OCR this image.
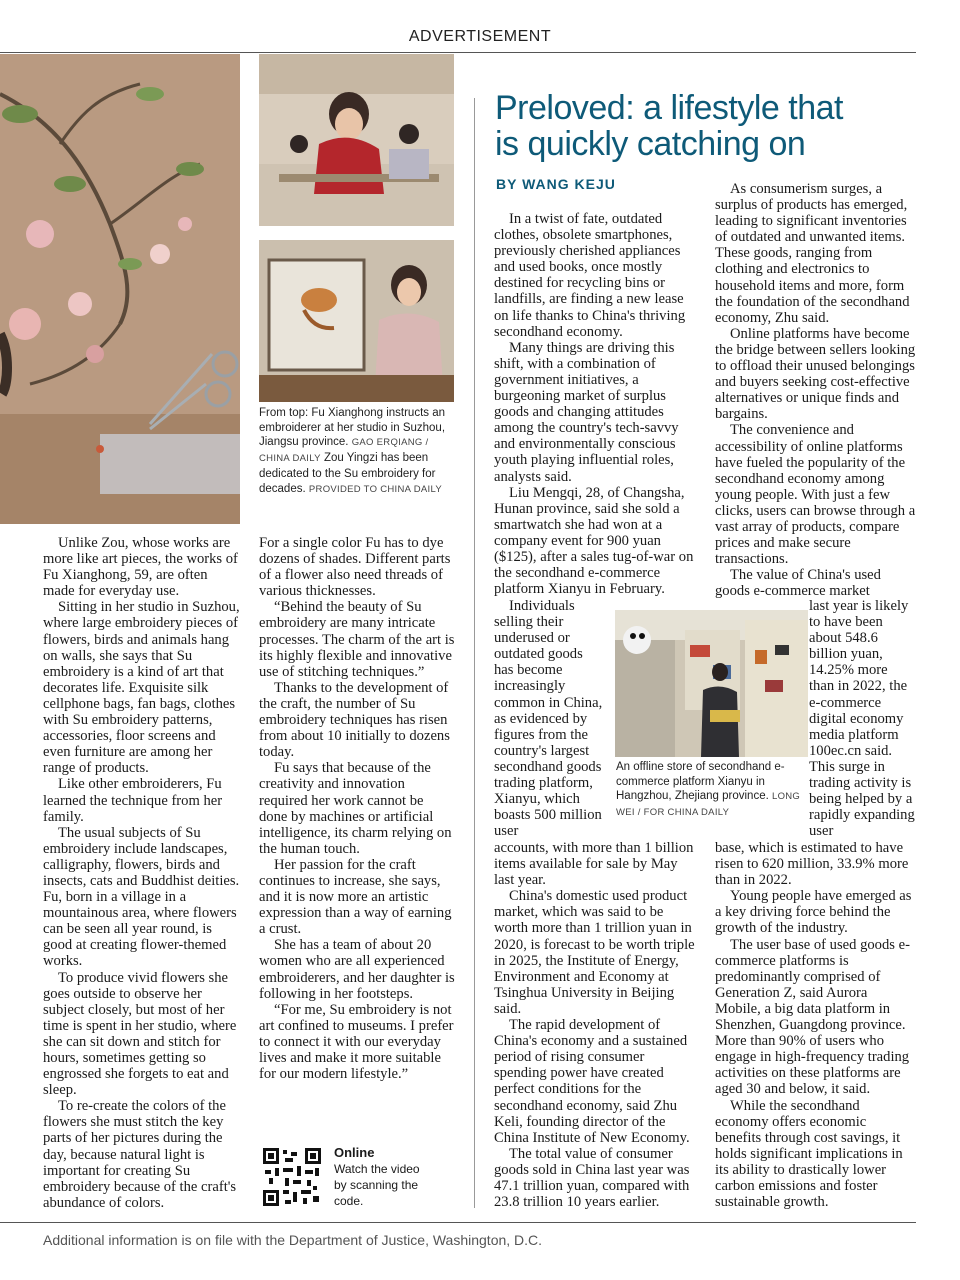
ADVERTISEMENT
From top: Fu Xianghong instructs an embroiderer at her studio in Suzhou, Jiangsu province. GAO ERQIANG / CHINA DAILY Zou Yingzi has been dedicated to the Su embroidery for decades. PROVIDED TO CHINA DAILY

Unlike Zou, whose works are more like art pieces, the works of Fu Xianghong, 59, are often made for everyday use.

Sitting in her studio in Suzhou, where large embroidery pieces of flowers, birds and animals hang on walls, she says that Su embroidery is a kind of art that decorates life. Exquisite silk cellphone bags, fan bags, clothes with Su embroidery patterns, accessories, floor screens and even furniture are among her range of products.

Like other embroiderers, Fu learned the technique from her family.

The usual subjects of Su embroidery include landscapes, calligraphy, flowers, birds and insects, cats and Buddhist deities. Fu, born in a village in a mountainous area, where flowers can be seen all year round, is good at creating flower-themed works.

To produce vivid flowers she goes outside to observe her subject closely, but most of her time is spent in her studio, where she can sit down and stitch for hours, sometimes getting so engrossed she forgets to eat and sleep.

To re-create the colors of the flowers she must stitch the key parts of her pictures during the day, because natural light is important for creating Su embroidery because of the craft's abundance of colors.

For a single color Fu has to dye dozens of shades. Different parts of a flower also need threads of various thicknesses.

“Behind the beauty of Su embroidery are many intricate processes. The charm of the art is its highly flexible and innovative use of stitching techniques.”

Thanks to the development of the craft, the number of Su embroidery techniques has risen from about 10 initially to dozens today.

Fu says that because of the creativity and innovation required her work cannot be done by machines or artificial intelligence, its charm relying on the human touch.

Her passion for the craft continues to increase, she says, and it is now more an artistic expression than a way of earning a crust.

She has a team of about 20 women who are all experienced embroiderers, and her daughter is following in her footsteps.

“For me, Su embroidery is not art confined to museums. I prefer to connect it with our everyday lives and make it more suitable for our modern lifestyle.”

Online
Watch the video by scanning the code.
Preloved: a lifestyle that
is quickly catching on
BY WANG KEJU

In a twist of fate, outdated clothes, obsolete smartphones, previously cherished appliances and used books, once mostly destined for recycling bins or landfills, are finding a new lease on life thanks to China's thriving secondhand economy.

Many things are driving this shift, with a combination of government initiatives, a burgeoning market of surplus goods and changing attitudes among the country's tech-savvy and environmentally conscious youth playing influential roles, analysts said.

Liu Mengqi, 28, of Changsha, Hunan province, said she sold a smartwatch she had won at a company event for 900 yuan ($125), after a sales tug-of-war on the secondhand e-commerce platform Xianyu in February.

Individuals selling their underused or outdated goods has become increasingly common in China, as evidenced by figures from the country's largest secondhand goods trading platform, Xianyu, which boasts 500 million user

An offline store of secondhand e-commerce platform Xianyu in Hangzhou, Zhejiang province. LONG WEI / FOR CHINA DAILY

accounts, with more than 1 billion items available for sale by May last year.

China's domestic used product market, which was said to be worth more than 1 trillion yuan in 2020, is forecast to be worth triple in 2025, the Institute of Energy, Environment and Economy at Tsinghua University in Beijing said.

The rapid development of China's economy and a sustained period of rising consumer spending power have created perfect conditions for the secondhand economy, said Zhu Keli, founding director of the China Institute of New Economy.

The total value of consumer goods sold in China last year was 47.1 trillion yuan, compared with 23.8 trillion 10 years earlier.

As consumerism surges, a surplus of products has emerged, leading to significant inventories of outdated and unwanted items. These goods, ranging from clothing and electronics to household items and more, form the foundation of the secondhand economy, Zhu said.

Online platforms have become the bridge between sellers looking to offload their unused belongings and buyers seeking cost-effective alternatives or unique finds and bargains.

The convenience and accessibility of online platforms have fueled the popularity of the secondhand economy among young people. With just a few clicks, users can browse through a vast array of products, compare prices and make secure transactions.

The value of China's used goods e-commerce market

last year is likely to have been about 548.6 billion yuan, 14.25% more than in 2022, the e-commerce digital economy media platform 100ec.cn said. This surge in trading activity is being helped by a rapidly expanding user

base, which is estimated to have risen to 620 million, 33.9% more than in 2022.

Young people have emerged as a key driving force behind the growth of the industry.

The user base of used goods e-commerce platforms is predominantly comprised of Generation Z, said Aurora Mobile, a big data platform in Shenzhen, Guangdong province. More than 90% of users who engage in high-frequency trading activities on these platforms are aged 30 and below, it said.

While the secondhand economy offers economic benefits through cost savings, it holds significant implications in its ability to drastically lower carbon emissions and foster sustainable growth.

Additional information is on file with the Department of Justice, Washington, D.C.
